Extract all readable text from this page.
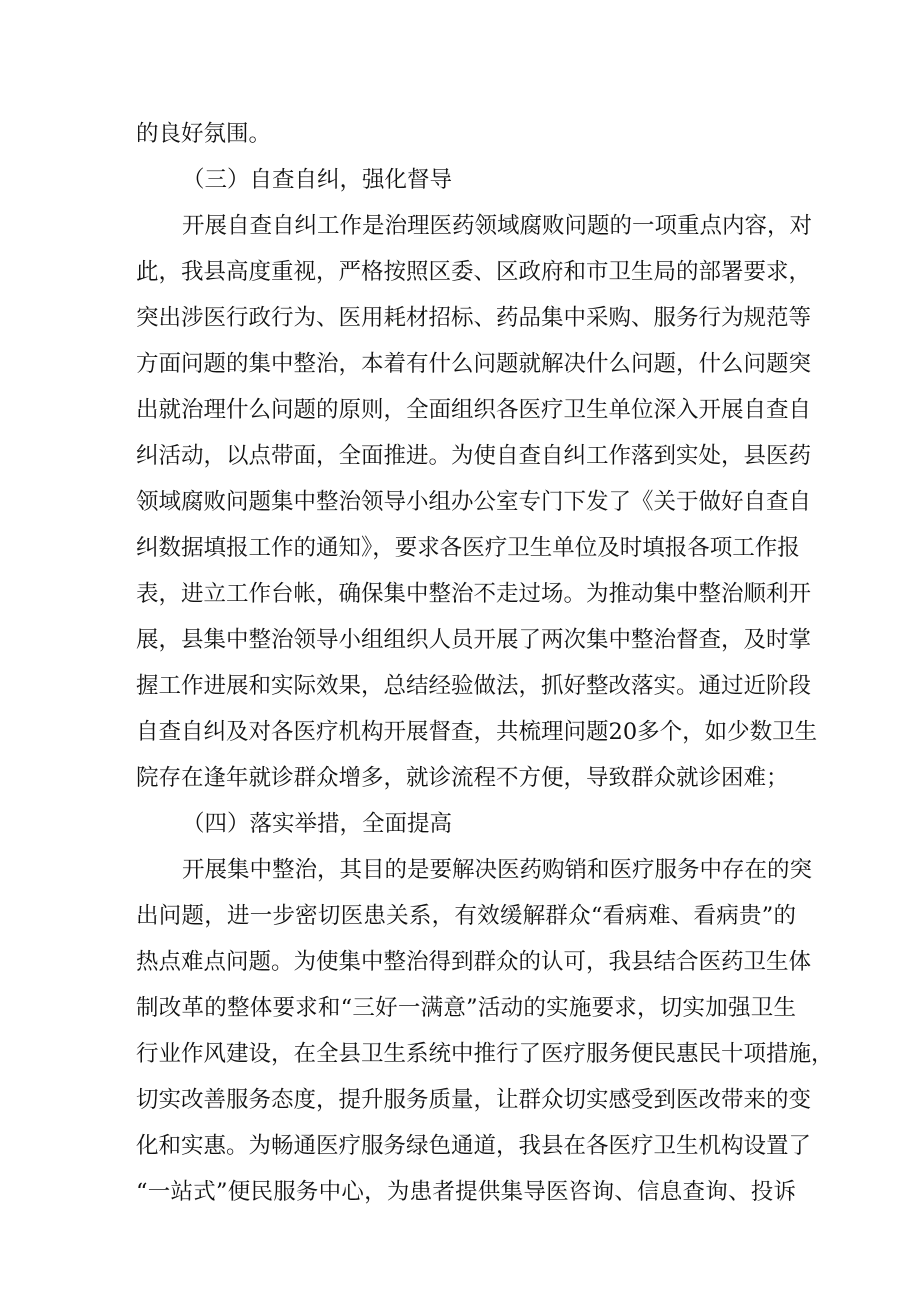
的良好氛围。
（三）自查自纠，强化督导
开展自查自纠工作是治理医药领域腐败问题的一项重点内容，对
此，我县高度重视，严格按照区委、区政府和市卫生局的部署要求，
突出涉医行政行为、医用耗材招标、药品集中采购、服务行为规范等
方面问题的集中整治，本着有什么问题就解决什么问题，什么问题突
出就治理什么问题的原则，全面组织各医疗卫生单位深入开展自查自
纠活动，以点带面，全面推进。为使自查自纠工作落到实处，县医药
领域腐败问题集中整治领导小组办公室专门下发了《关于做好自查自
纠数据填报工作的通知》，要求各医疗卫生单位及时填报各项工作报
表，进立工作台帐，确保集中整治不走过场。为推动集中整治顺利开
展，县集中整治领导小组组织人员开展了两次集中整治督查，及时掌
握工作进展和实际效果，总结经验做法，抓好整改落实。通过近阶段
自查自纠及对各医疗机构开展督查，共梳理问题20多个，如少数卫生
院存在逢年就诊群众增多，就诊流程不方便，导致群众就诊困难；
（四）落实举措，全面提高
开展集中整治，其目的是要解决医药购销和医疗服务中存在的突
出问题，进一步密切医患关系，有效缓解群众“看病难、看病贵”的
热点难点问题。为使集中整治得到群众的认可，我县结合医药卫生体
制改革的整体要求和“三好一满意”活动的实施要求，切实加强卫生
行业作风建设，在全县卫生系统中推行了医疗服务便民惠民十项措施，
切实改善服务态度，提升服务质量，让群众切实感受到医改带来的变
化和实惠。为畅通医疗服务绿色通道，我县在各医疗卫生机构设置了
“一站式”便民服务中心，为患者提供集导医咨询、信息查询、投诉
